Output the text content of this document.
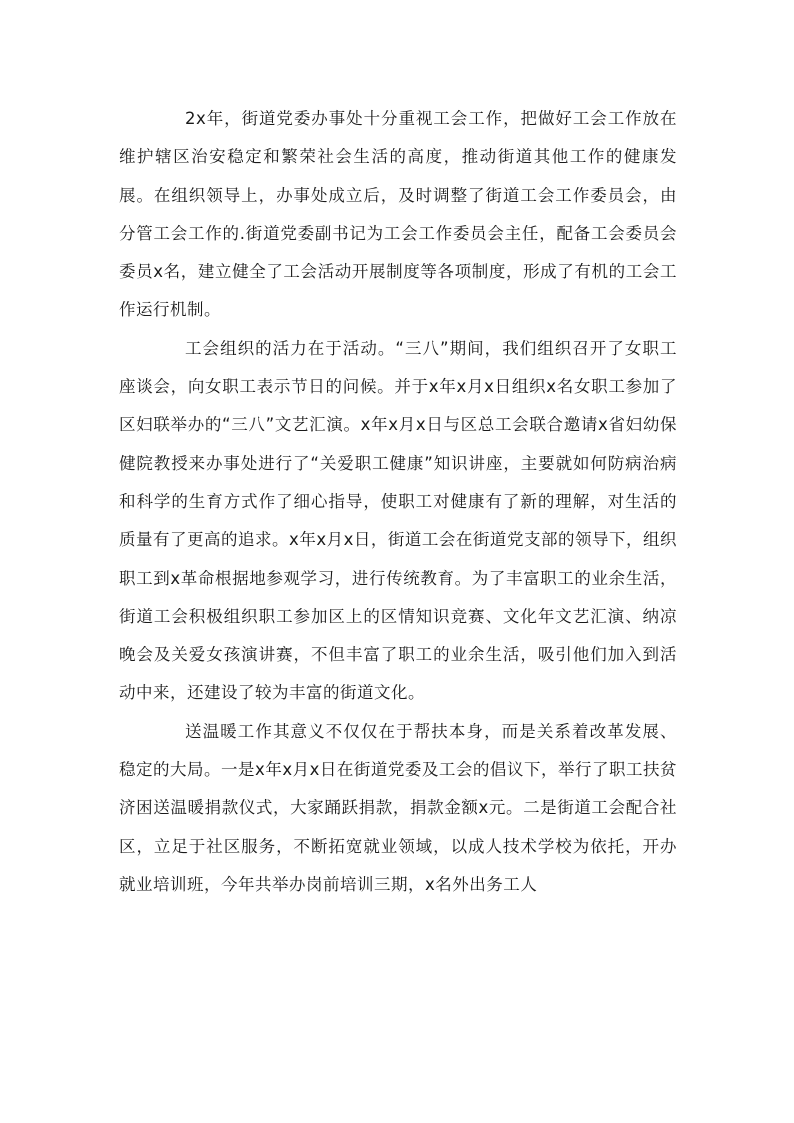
2x年，街道党委办事处十分重视工会工作，把做好工会工作放在维护辖区治安稳定和繁荣社会生活的高度，推动街道其他工作的健康发展。在组织领导上，办事处成立后，及时调整了街道工会工作委员会，由分管工会工作的.街道党委副书记为工会工作委员会主任，配备工会委员会委员x名，建立健全了工会活动开展制度等各项制度，形成了有机的工会工作运行机制。

工会组织的活力在于活动。“三八”期间，我们组织召开了女职工座谈会，向女职工表示节日的问候。并于x年x月x日组织x名女职工参加了区妇联举办的“三八”文艺汇演。x年x月x日与区总工会联合邀请x省妇幼保健院教授来办事处进行了“关爱职工健康”知识讲座，主要就如何防病治病和科学的生育方式作了细心指导，使职工对健康有了新的理解，对生活的质量有了更高的追求。x年x月x日，街道工会在街道党支部的领导下，组织职工到x革命根据地参观学习，进行传统教育。为了丰富职工的业余生活，街道工会积极组织职工参加区上的区情知识竞赛、文化年文艺汇演、纳凉晚会及关爱女孩演讲赛，不但丰富了职工的业余生活，吸引他们加入到活动中来，还建设了较为丰富的街道文化。

送温暖工作其意义不仅仅在于帮扶本身，而是关系着改革发展、稳定的大局。一是x年x月x日在街道党委及工会的倡议下，举行了职工扶贫济困送温暖捐款仪式，大家踊跃捐款，捐款金额x元。二是街道工会配合社区，立足于社区服务，不断拓宽就业领域，以成人技术学校为依托，开办就业培训班，今年共举办岗前培训三期，x名外出务工人
